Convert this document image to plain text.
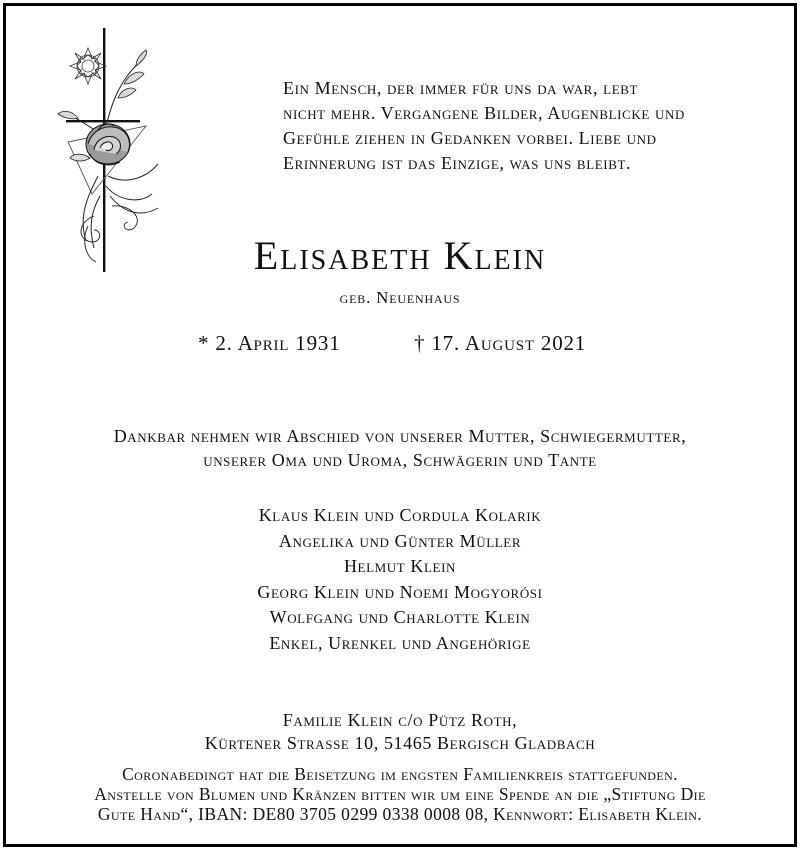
Ein Mensch, der immer für uns da war, lebt
nicht mehr. Vergangene Bilder, Augenblicke und
Gefühle ziehen in Gedanken vorbei. Liebe und
Erinnerung ist das Einzige, was uns bleibt.
Elisabeth Klein
geb. Neuenhaus
* 2. April 1931	† 17. August 2021
Dankbar nehmen wir Abschied von unserer Mutter, Schwiegermutter,
unserer Oma und Uroma, Schwägerin und Tante
Klaus Klein und Cordula Kolarik
Angelika und Günter Müller
Helmut Klein
Georg Klein und Noemi Mogyorósi
Wolfgang und Charlotte Klein
Enkel, Urenkel und Angehörige
Familie Klein c/o Pütz Roth,
Kürtener Strasse 10, 51465 Bergisch Gladbach
Coronabedingt hat die Beisetzung im engsten Familienkreis stattgefunden.
Anstelle von Blumen und Kränzen bitten wir um eine Spende an die „Stiftung Die
Gute Hand“, IBAN: DE80 3705 0299 0338 0008 08, Kennwort: Elisabeth Klein.
